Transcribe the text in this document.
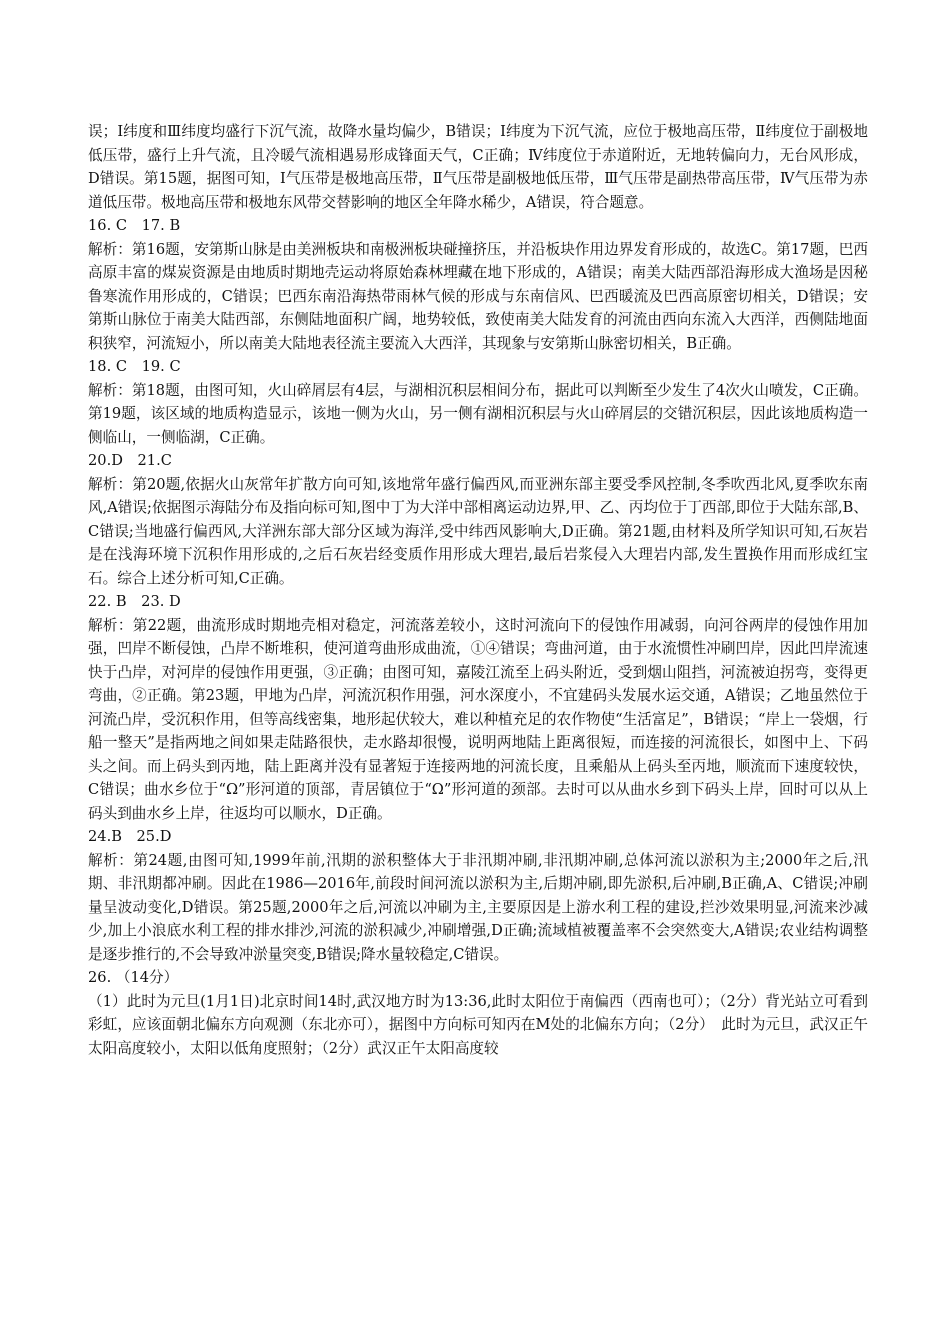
误；Ⅰ纬度和Ⅲ纬度均盛行下沉气流，故降水量均偏少，B错误；Ⅰ纬度为下沉气流，应位于极地高压带，Ⅱ纬度位于副极地低压带，盛行上升气流，且冷暖气流相遇易形成锋面天气，C正确；Ⅳ纬度位于赤道附近，无地转偏向力，无台风形成，D错误。第15题，据图可知，Ⅰ气压带是极地高压带，Ⅱ气压带是副极地低压带，Ⅲ气压带是副热带高压带，Ⅳ气压带为赤道低压带。极地高压带和极地东风带交替影响的地区全年降水稀少，A错误，符合题意。

16. C　17. B

解析：第16题，安第斯山脉是由美洲板块和南极洲板块碰撞挤压，并沿板块作用边界发育形成的，故选C。第17题，巴西高原丰富的煤炭资源是由地质时期地壳运动将原始森林埋藏在地下形成的，A错误；南美大陆西部沿海形成大渔场是因秘鲁寒流作用形成的，C错误；巴西东南沿海热带雨林气候的形成与东南信风、巴西暖流及巴西高原密切相关，D错误；安第斯山脉位于南美大陆西部，东侧陆地面积广阔，地势较低，致使南美大陆发育的河流由西向东流入大西洋，西侧陆地面积狭窄，河流短小，所以南美大陆地表径流主要流入大西洋，其现象与安第斯山脉密切相关，B正确。

18. C　19. C

解析：第18题，由图可知，火山碎屑层有4层，与湖相沉积层相间分布，据此可以判断至少发生了4次火山喷发，C正确。第19题，该区域的地质构造显示，该地一侧为火山，另一侧有湖相沉积层与火山碎屑层的交错沉积层，因此该地质构造一侧临山，一侧临湖，C正确。

20.D　21.C

解析：第20题,依据火山灰常年扩散方向可知,该地常年盛行偏西风,而亚洲东部主要受季风控制,冬季吹西北风,夏季吹东南风,A错误;依据图示海陆分布及指向标可知,图中丁为大洋中部相离运动边界,甲、乙、丙均位于丁西部,即位于大陆东部,B、C错误;当地盛行偏西风,大洋洲东部大部分区域为海洋,受中纬西风影响大,D正确。第21题,由材料及所学知识可知,石灰岩是在浅海环境下沉积作用形成的,之后石灰岩经变质作用形成大理岩,最后岩浆侵入大理岩内部,发生置换作用而形成红宝石。综合上述分析可知,C正确。

22. B　23. D

解析：第22题，曲流形成时期地壳相对稳定，河流落差较小，这时河流向下的侵蚀作用减弱，向河谷两岸的侵蚀作用加强，凹岸不断侵蚀，凸岸不断堆积，使河道弯曲形成曲流，①④错误；弯曲河道，由于水流惯性冲刷凹岸，因此凹岸流速快于凸岸，对河岸的侵蚀作用更强，③正确；由图可知，嘉陵江流至上码头附近，受到烟山阻挡，河流被迫拐弯，变得更弯曲，②正确。第23题，甲地为凸岸，河流沉积作用强，河水深度小，不宜建码头发展水运交通，A错误；乙地虽然位于河流凸岸，受沉积作用，但等高线密集，地形起伏较大，难以种植充足的农作物使“生活富足”，B错误；“岸上一袋烟，行船一整天”是指两地之间如果走陆路很快，走水路却很慢，说明两地陆上距离很短，而连接的河流很长，如图中上、下码头之间。而上码头到丙地，陆上距离并没有显著短于连接两地的河流长度，且乘船从上码头至丙地，顺流而下速度较快，C错误；曲水乡位于“Ω”形河道的顶部，青居镇位于“Ω”形河道的颈部。去时可以从曲水乡到下码头上岸，回时可以从上码头到曲水乡上岸，往返均可以顺水，D正确。

24.B　25.D

解析：第24题,由图可知,1999年前,汛期的淤积整体大于非汛期冲刷,非汛期冲刷,总体河流以淤积为主;2000年之后,汛期、非汛期都冲刷。因此在1986—2016年,前段时间河流以淤积为主,后期冲刷,即先淤积,后冲刷,B正确,A、C错误;冲刷量呈波动变化,D错误。第25题,2000年之后,河流以冲刷为主,主要原因是上游水利工程的建设,拦沙效果明显,河流来沙减少,加上小浪底水利工程的排水排沙,河流的淤积减少,冲刷增强,D正确;流域植被覆盖率不会突然变大,A错误;农业结构调整是逐步推行的,不会导致冲淤量突变,B错误;降水量较稳定,C错误。

26. （14分）

（1）此时为元旦(1月1日)北京时间14时,武汉地方时为13:36,此时太阳位于南偏西（西南也可）；（2分）背光站立可看到彩虹，应该面朝北偏东方向观测（东北亦可），据图中方向标可知丙在M处的北偏东方向；（2分）　此时为元旦，武汉正午太阳高度较小，太阳以低角度照射；（2分）武汉正午太阳高度较
